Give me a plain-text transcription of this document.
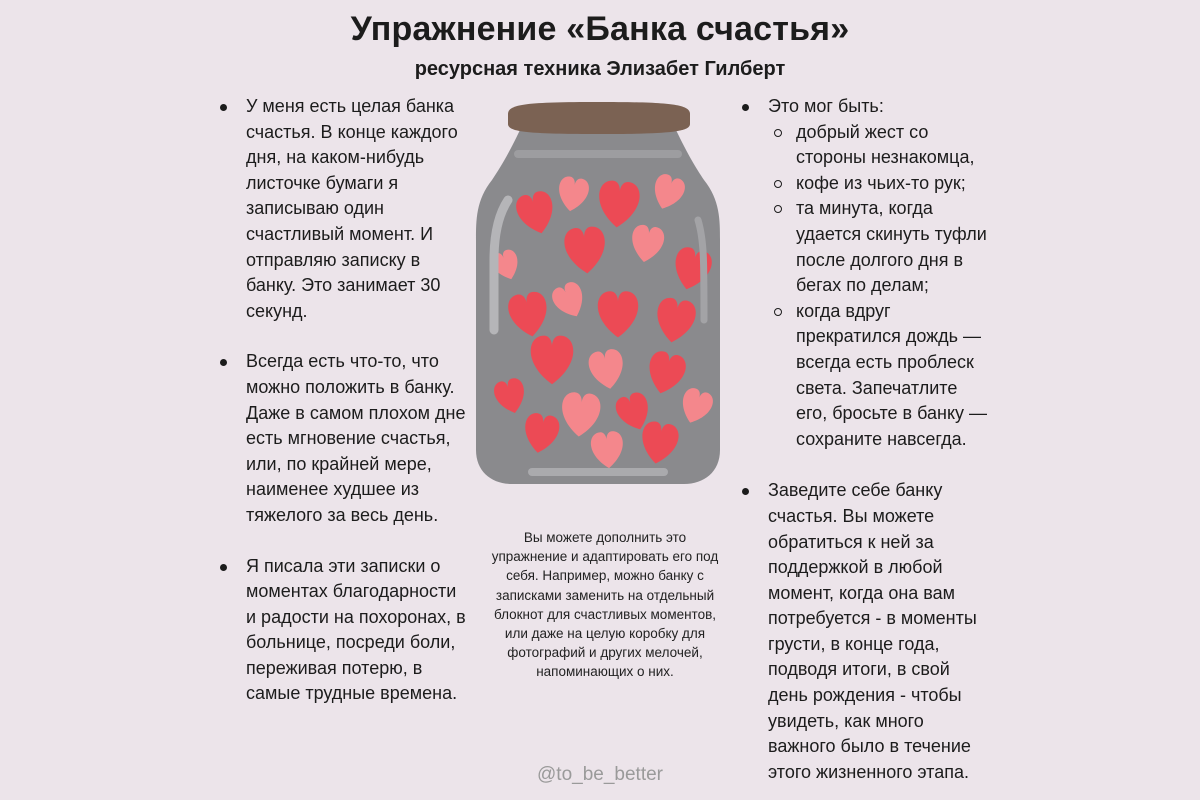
Упражнение «Банка счастья»
ресурсная техника Элизабет Гилберт
У меня есть целая банка счастья. В конце каждого дня, на каком-нибудь листочке бумаги я записываю один счастливый момент. И отправляю записку в банку. Это занимает 30 секунд.
Всегда есть что-то, что можно положить в банку. Даже в самом плохом дне есть мгновение счастья, или, по крайней мере, наименее худшее из тяжелого за весь день.
Я писала эти записки о моментах благодарности и радости на похоронах, в больнице, посреди боли, переживая потерю, в самые трудные времена.
Это мог быть:
добрый жест со стороны незнакомца,
кофе из чьих-то рук;
та минута, когда удается скинуть туфли после долгого дня в бегах по делам;
когда вдруг прекратился дождь — всегда есть проблеск света. Запечатлите его, бросьте в банку — сохраните навсегда.
Заведите себе банку счастья. Вы можете обратиться к ней за поддержкой в любой момент, когда она вам потребуется - в моменты грусти, в конце года, подводя итоги, в свой день рождения - чтобы увидеть, как много важного было в течение этого жизненного этапа.
Вы можете дополнить это упражнение и адаптировать его под себя. Например, можно банку с записками заменить на отдельный блокнот для счастливых моментов, или даже на целую коробку для фотографий и других мелочей, напоминающих о них.
@to_be_better
